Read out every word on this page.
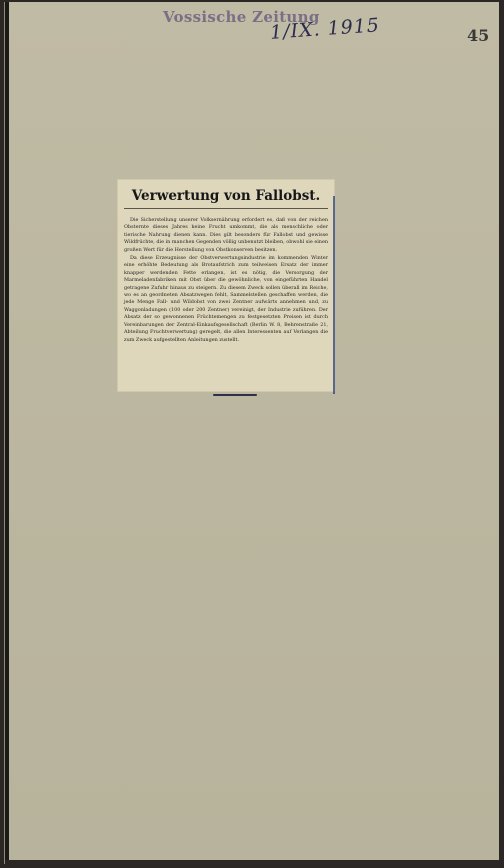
Vossische Zeitung
1/IX. 1915	45
Verwertung von Fallobst.

Die Sicherstellung unserer Volksernährung erfordert es, daß von der reichen Obsternte dieses Jahres keine Frucht umkommt, die als menschliche oder tierische Nahrung dienen kann. Dies gilt besonders für Fallobst und gewisse Wildfrüchte, die in manchen Gegenden völlig unbenutzt bleiben, obwohl sie einen großen Wert für die Herstellung von Obstkonserven besitzen.

Da diese Erzeugnisse der Obstverwertungsindustrie im kommenden Winter eine erhöhte Bedeutung als Brotaufstrich zum teilweisen Ersatz der immer knapper werdenden Fette erlangen, ist es nötig, die Versorgung der Marmeladenfabriken mit Obst über die gewöhnliche, von eingeführten Handel getragene Zufuhr hinaus zu steigern. Zu diesem Zweck sollen überall im Reiche, wo es an geordneten Absatzwegen fehlt, Sammelstellen geschaffen werden, die jede Menge Fall- und Wildobst von zwei Zentner aufwärts annehmen und, zu Waggonladungen (100 oder 200 Zentner) vereinigt, der Industrie zuführen. Der Absatz der so gewonnenen Früchtemengen zu festgesetzten Preisen ist durch Vereinbarungen der Zentral-Einkaufsgesellschaft (Berlin W. 8, Behrenstraße 21, Abteilung Fruchtverwertung) geregelt, die allen Interessenten auf Verlangen die zum Zweck aufgestellten Anleitungen zustellt.
